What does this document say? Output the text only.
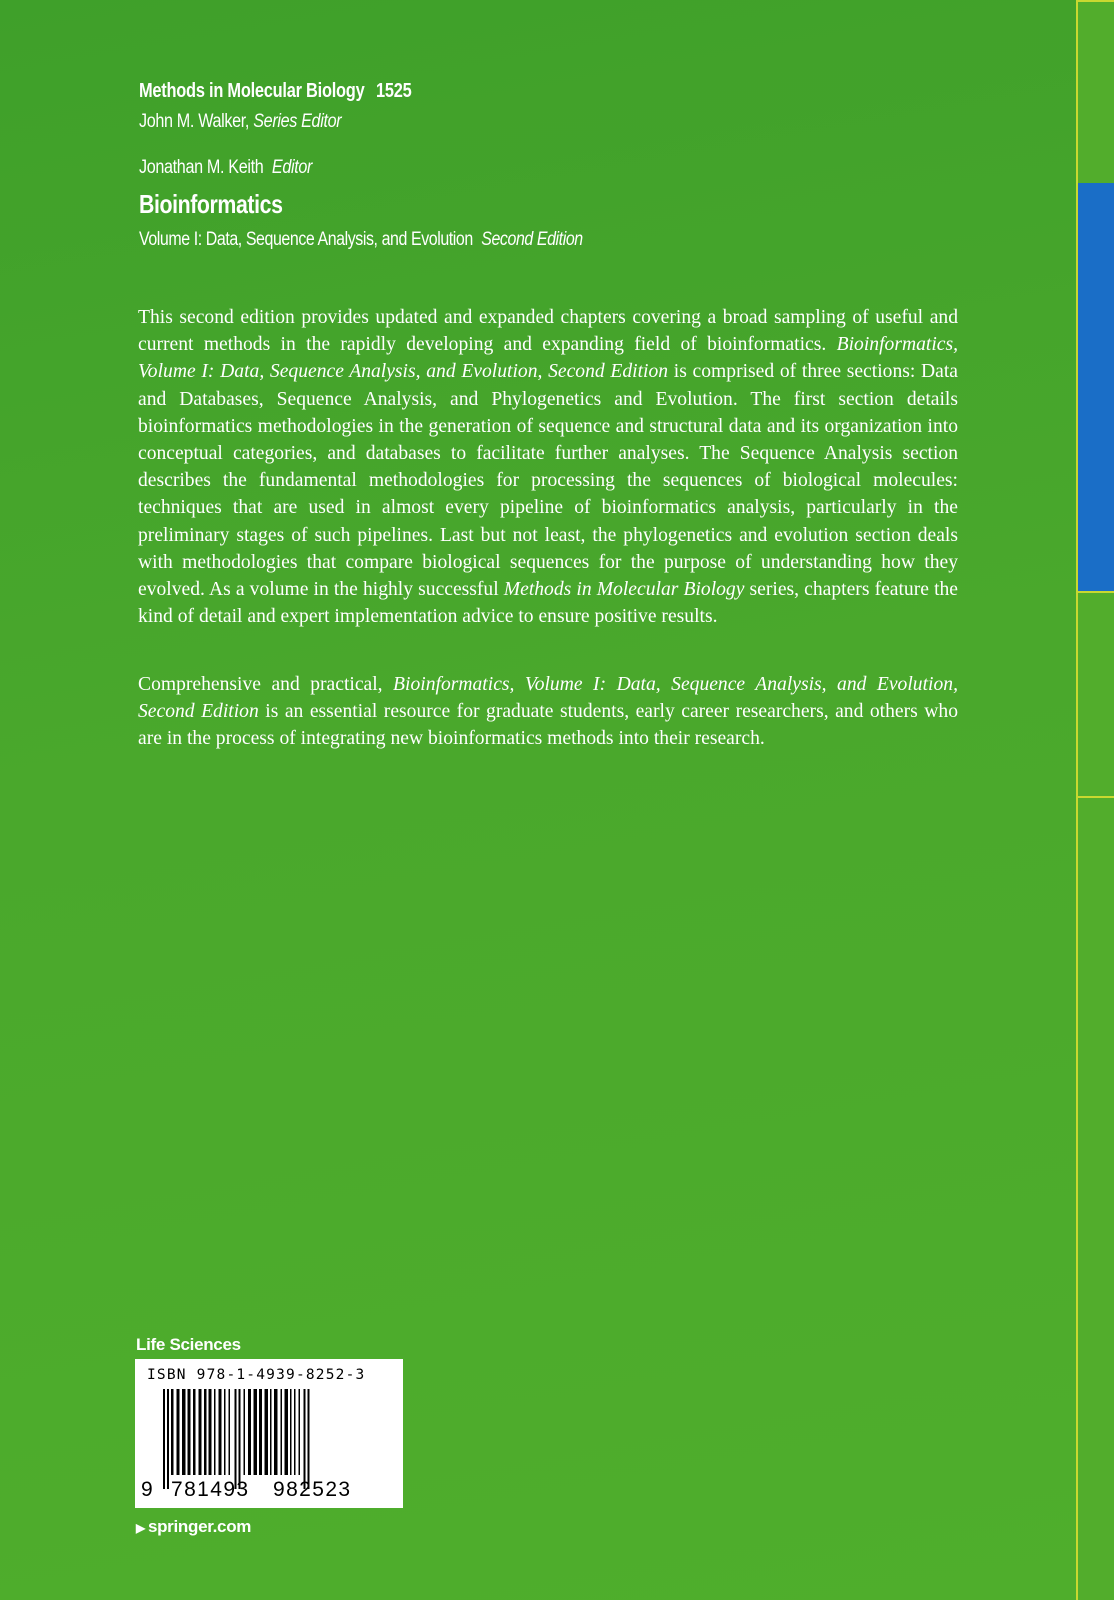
Methods in Molecular Biology 1525
John M. Walker, Series Editor
Jonathan M. Keith Editor
Bioinformatics
Volume I: Data, Sequence Analysis, and Evolution Second Edition
This second edition provides updated and expanded chapters covering a broad sampling of useful and current methods in the rapidly developing and expanding field of bioinformatics. Bioinformatics, Volume I: Data, Sequence Analysis, and Evolution, Second Edition is comprised of three sections: Data and Databases, Sequence Analysis, and Phylogenetics and Evolution. The first section details bioinformatics methodologies in the generation of sequence and structural data and its organization into conceptual categories, and databases to facilitate further analyses. The Sequence Analysis section describes the fundamental methodologies for processing the sequences of biological molecules: techniques that are used in almost every pipeline of bioinformatics analysis, particularly in the preliminary stages of such pipelines. Last but not least, the phylogenetics and evolution section deals with methodologies that compare biological sequences for the purpose of understanding how they evolved. As a volume in the highly successful Methods in Molecular Biology series, chapters feature the kind of detail and expert implementation advice to ensure positive results.
Comprehensive and practical, Bioinformatics, Volume I: Data, Sequence Analysis, and Evolution, Second Edition is an essential resource for graduate students, early career researchers, and others who are in the process of integrating new bioinformatics methods into their research.
Life Sciences
ISBN 978-1-4939-8252-3
9 781493 982523
▶ springer.com
